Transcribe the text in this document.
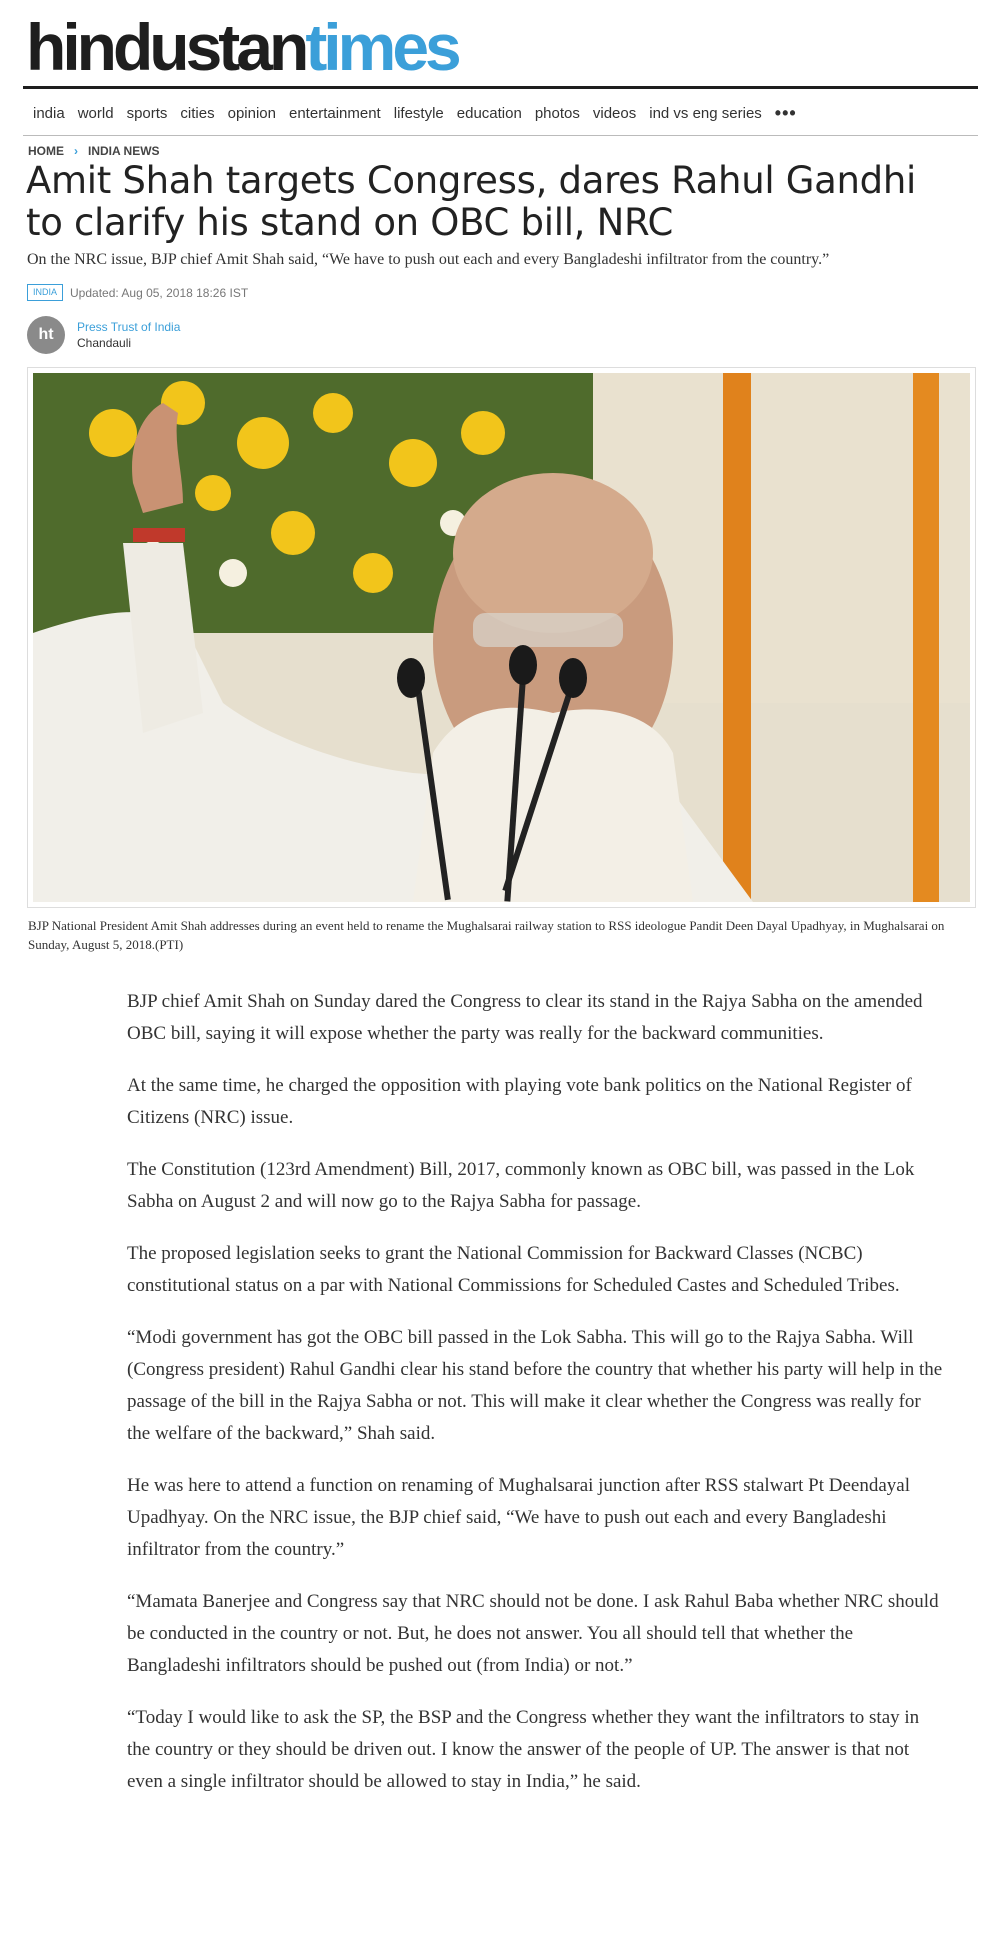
hindustan times
india world sports cities opinion entertainment lifestyle education photos videos ind vs eng series •••
HOME › INDIA NEWS
Amit Shah targets Congress, dares Rahul Gandhi to clarify his stand on OBC bill, NRC

On the NRC issue, BJP chief Amit Shah said, “We have to push out each and every Bangladeshi infiltrator from the country.”

INDIA	Updated: Aug 05, 2018 18:26 IST
ht	Press Trust of India
Chandauli

BJP National President Amit Shah addresses during an event held to rename the Mughalsarai railway station to RSS ideologue Pandit Deen Dayal Upadhyay, in Mughalsarai on Sunday, August 5, 2018.(PTI)

BJP chief Amit Shah on Sunday dared the Congress to clear its stand in the Rajya Sabha on the amended OBC bill, saying it will expose whether the party was really for the backward communities.

At the same time, he charged the opposition with playing vote bank politics on the National Register of Citizens (NRC) issue.

The Constitution (123rd Amendment) Bill, 2017, commonly known as OBC bill, was passed in the Lok Sabha on August 2 and will now go to the Rajya Sabha for passage.

The proposed legislation seeks to grant the National Commission for Backward Classes (NCBC) constitutional status on a par with National Commissions for Scheduled Castes and Scheduled Tribes.

“Modi government has got the OBC bill passed in the Lok Sabha. This will go to the Rajya Sabha. Will (Congress president) Rahul Gandhi clear his stand before the country that whether his party will help in the passage of the bill in the Rajya Sabha or not. This will make it clear whether the Congress was really for the welfare of the backward,” Shah said.

He was here to attend a function on renaming of Mughalsarai junction after RSS stalwart Pt Deendayal Upadhyay. On the NRC issue, the BJP chief said, “We have to push out each and every Bangladeshi infiltrator from the country.”

“Mamata Banerjee and Congress say that NRC should not be done. I ask Rahul Baba whether NRC should be conducted in the country or not. But, he does not answer. You all should tell that whether the Bangladeshi infiltrators should be pushed out (from India) or not.”

“Today I would like to ask the SP, the BSP and the Congress whether they want the infiltrators to stay in the country or they should be driven out. I know the answer of the people of UP. The answer is that not even a single infiltrator should be allowed to stay in India,” he said.
